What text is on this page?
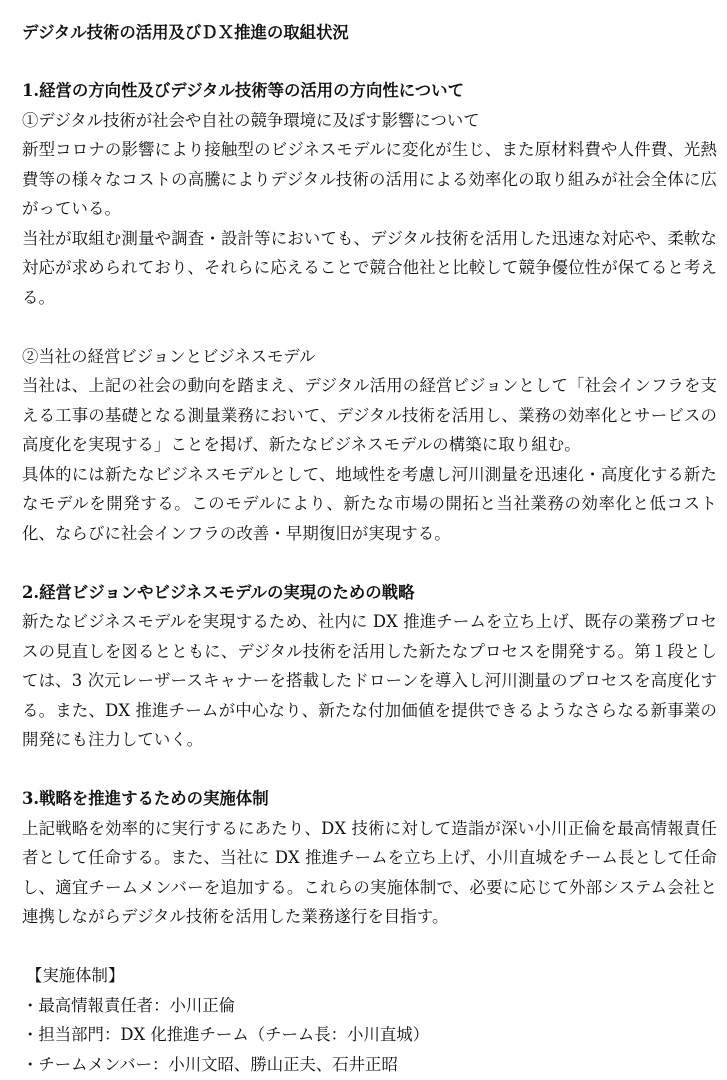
デジタル技術の活用及びＤＸ推進の取組状況
1.経営の方向性及びデジタル技術等の活用の方向性について
①デジタル技術が社会や自社の競争環境に及ぼす影響について

新型コロナの影響により接触型のビジネスモデルに変化が生じ、また原材料費や人件費、光熱費等の様々なコストの高騰によりデジタル技術の活用による効率化の取り組みが社会全体に広がっている。

当社が取組む測量や調査・設計等においても、デジタル技術を活用した迅速な対応や、柔軟な対応が求められており、それらに応えることで競合他社と比較して競争優位性が保てると考える。

②当社の経営ビジョンとビジネスモデル

当社は、上記の社会の動向を踏まえ、デジタル活用の経営ビジョンとして「社会インフラを支える工事の基礎となる測量業務において、デジタル技術を活用し、業務の効率化とサービスの高度化を実現する」ことを掲げ、新たなビジネスモデルの構築に取り組む。

具体的には新たなビジネスモデルとして、地域性を考慮し河川測量を迅速化・高度化する新たなモデルを開発する。このモデルにより、新たな市場の開拓と当社業務の効率化と低コスト化、ならびに社会インフラの改善・早期復旧が実現する。

2.経営ビジョンやビジネスモデルの実現のための戦略

新たなビジネスモデルを実現するため、社内に DX 推進チームを立ち上げ、既存の業務プロセスの見直しを図るとともに、デジタル技術を活用した新たなプロセスを開発する。第１段としては、3 次元レーザースキャナーを搭載したドローンを導入し河川測量のプロセスを高度化する。また、DX 推進チームが中心なり、新たな付加価値を提供できるようなさらなる新事業の開発にも注力していく。

3.戦略を推進するための実施体制

上記戦略を効率的に実行するにあたり、DX 技術に対して造詣が深い小川正倫を最高情報責任者として任命する。また、当社に DX 推進チームを立ち上げ、小川直城をチーム長として任命し、適宜チームメンバーを追加する。これらの実施体制で、必要に応じて外部システム会社と連携しながらデジタル技術を活用した業務遂行を目指す。

【実施体制】
・最高情報責任者：小川正倫
・担当部門：DX 化推進チーム（チーム長：小川直城）
・チームメンバー：小川文昭、勝山正夫、石井正昭
